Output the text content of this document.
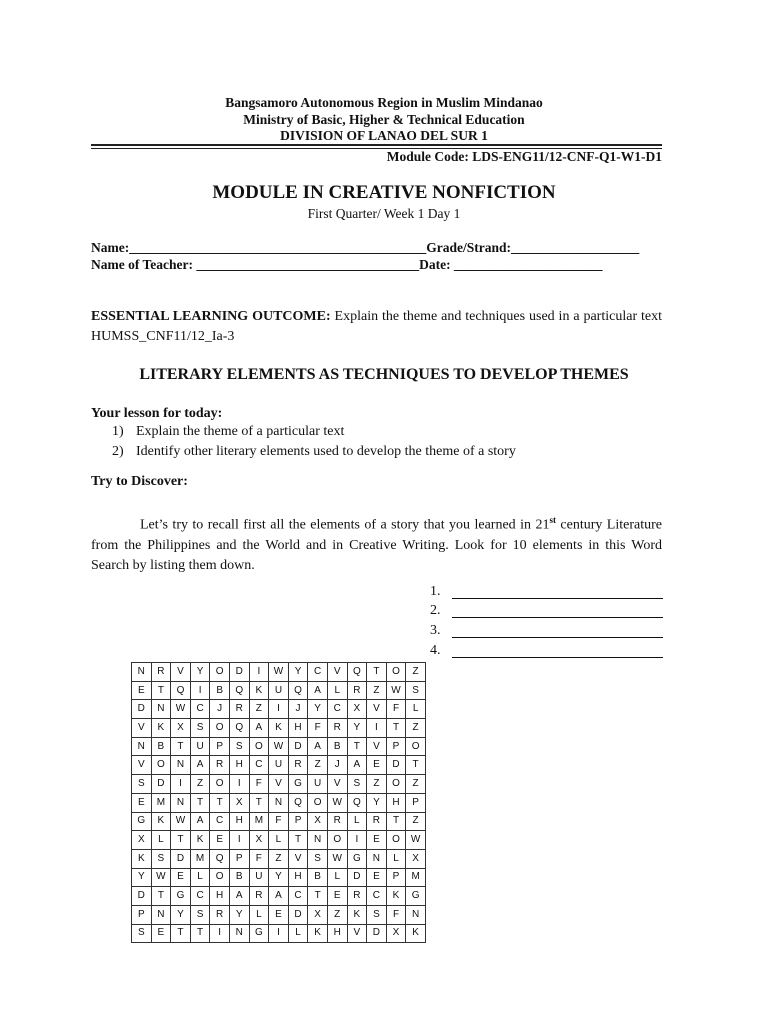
Bangsamoro Autonomous Region in Muslim Mindanao
Ministry of Basic, Higher & Technical Education
DIVISION OF LANAO DEL SUR 1
Module Code: LDS-ENG11/12-CNF-Q1-W1-D1
MODULE IN CREATIVE NONFICTION
First Quarter/ Week 1 Day 1
Name:____________________________________________Grade/Strand:___________________
Name of Teacher: _________________________________Date: ______________________
ESSENTIAL LEARNING OUTCOME: Explain the theme and techniques used in a particular text HUMSS_CNF11/12_Ia-3
LITERARY ELEMENTS AS TECHNIQUES TO DEVELOP THEMES
Your lesson for today:
1) Explain the theme of a particular text
2) Identify other literary elements used to develop the theme of a story
Try to Discover:
Let’s try to recall first all the elements of a story that you learned in 21st century Literature from the Philippines and the World and in Creative Writing. Look for 10 elements in this Word Search by listing them down.
1.
2.
3.
4.
N	R	V	Y	O	D	I	W	Y	C	V	Q	T	O	Z
E	T	Q	I	B	Q	K	U	Q	A	L	R	Z	W	S
D	N	W	C	J	R	Z	I	J	Y	C	X	V	F	L
V	K	X	S	O	Q	A	K	H	F	R	Y	I	T	Z
N	B	T	U	P	S	O	W	D	A	B	T	V	P	O
V	O	N	A	R	H	C	U	R	Z	J	A	E	D	T
S	D	I	Z	O	I	F	V	G	U	V	S	Z	O	Z
E	M	N	T	T	X	T	N	Q	O	W	Q	Y	H	P
G	K	W	A	C	H	M	F	P	X	R	L	R	T	Z
X	L	T	K	E	I	X	L	T	N	O	I	E	O	W
K	S	D	M	Q	P	F	Z	V	S	W	G	N	L	X
Y	W	E	L	O	B	U	Y	H	B	L	D	E	P	M
D	T	G	C	H	A	R	A	C	T	E	R	C	K	G
P	N	Y	S	R	Y	L	E	D	X	Z	K	S	F	N
S	E	T	T	I	N	G	I	L	K	H	V	D	X	K
